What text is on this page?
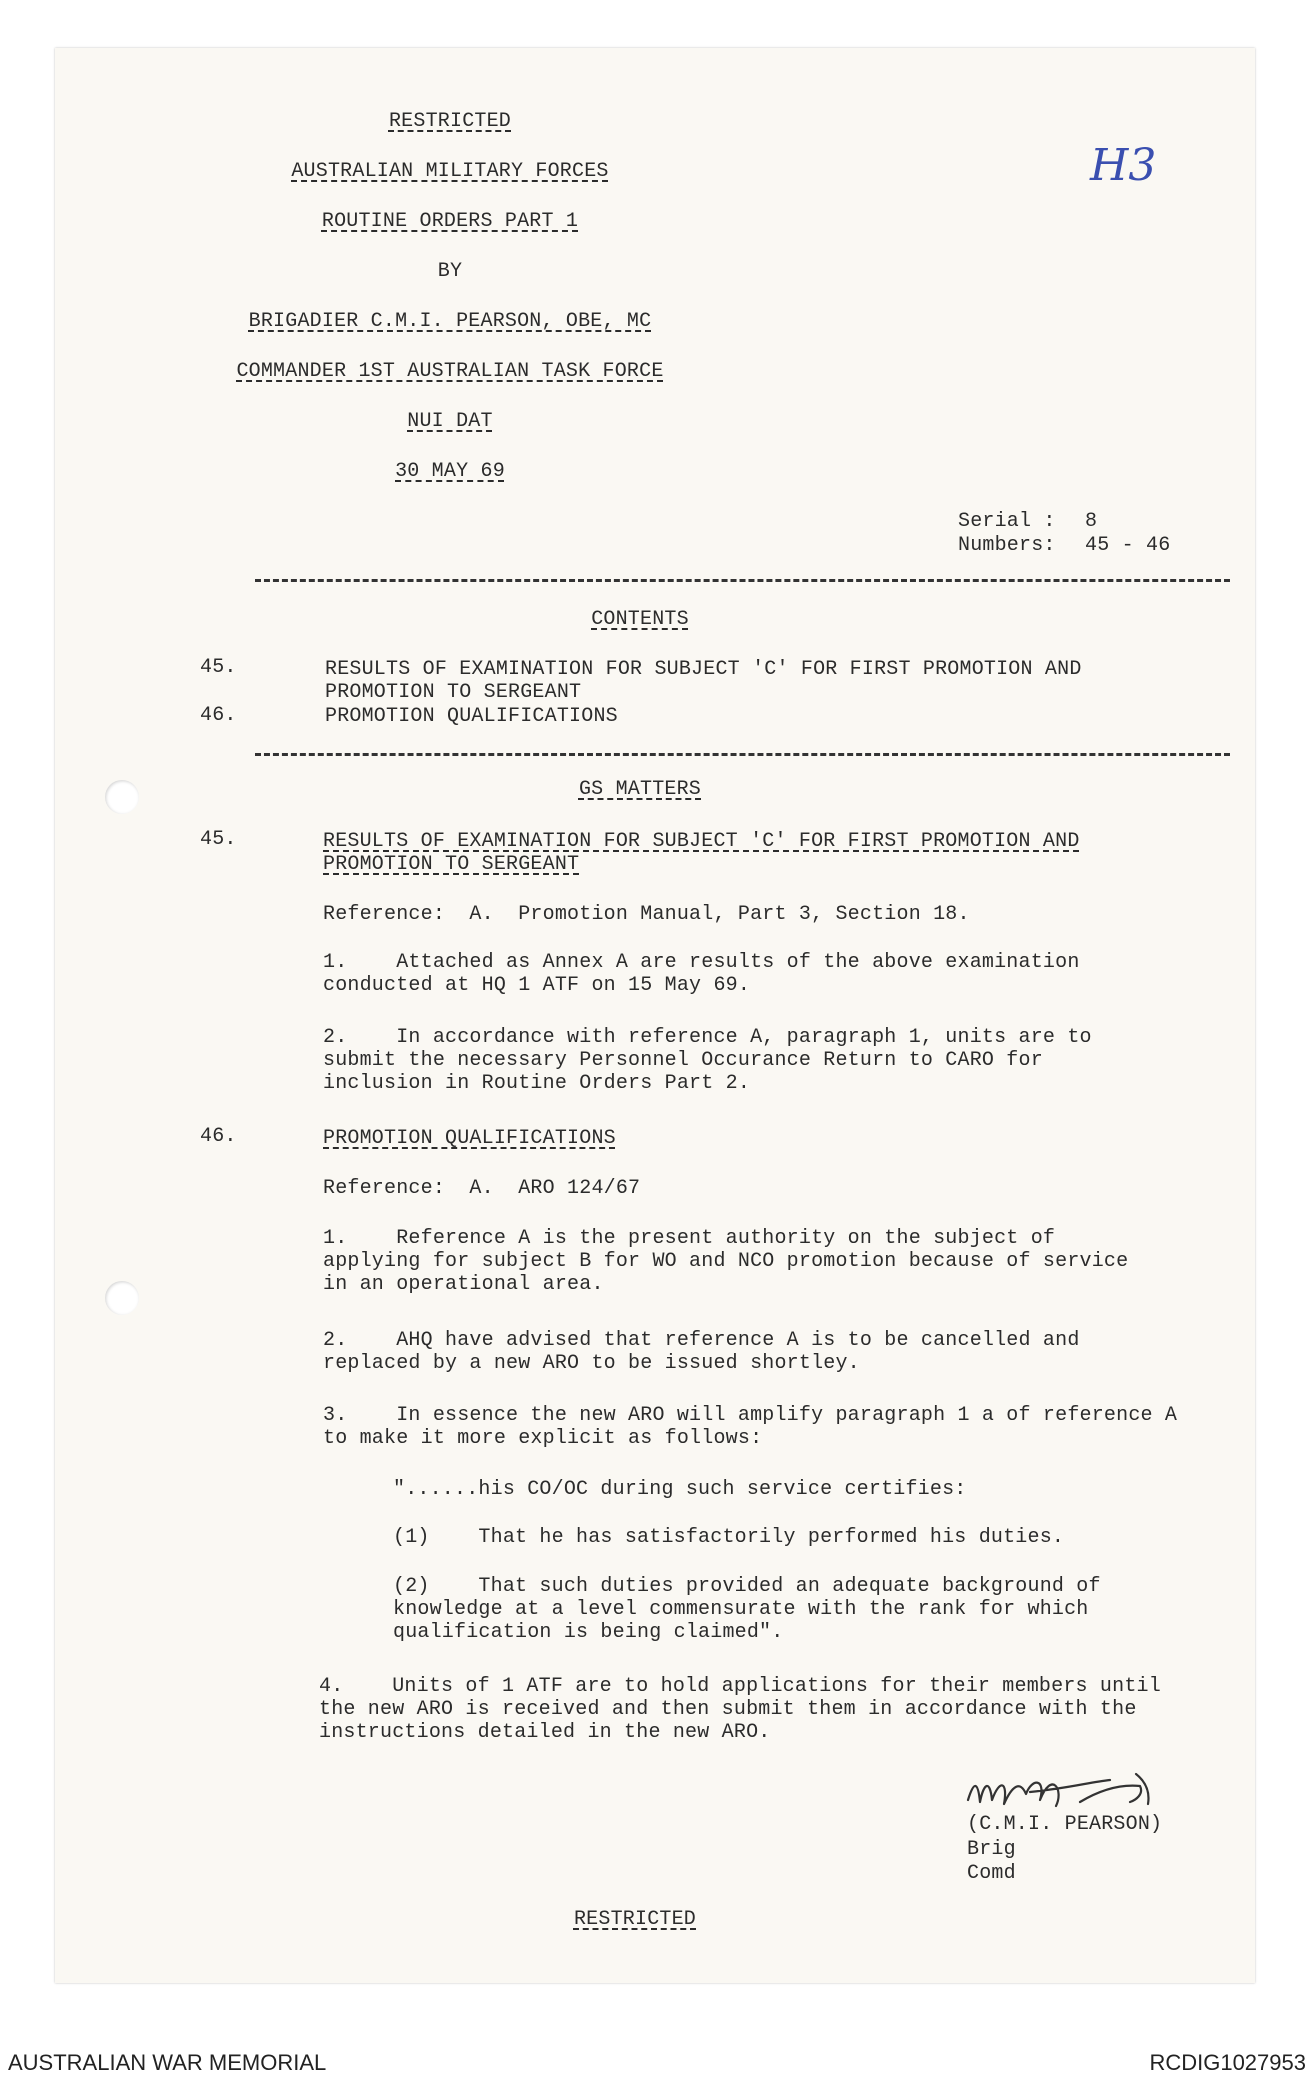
RESTRICTED
AUSTRALIAN MILITARY FORCES
ROUTINE ORDERS PART 1
BY
BRIGADIER C.M.I. PEARSON, OBE, MC
COMMANDER 1ST AUSTRALIAN TASK FORCE
NUI DAT
30 MAY 69
H3
Serial : 8
Numbers: 45 - 46
CONTENTS
45.	RESULTS OF EXAMINATION FOR SUBJECT 'C' FOR FIRST PROMOTION AND
PROMOTION TO SERGEANT
46.	PROMOTION QUALIFICATIONS
GS MATTERS
45.	RESULTS OF EXAMINATION FOR SUBJECT 'C' FOR FIRST PROMOTION AND
PROMOTION TO SERGEANT
Reference:  A.  Promotion Manual, Part 3, Section 18.
1.    Attached as Annex A are results of the above examination
conducted at HQ 1 ATF on 15 May 69.
2.    In accordance with reference A, paragraph 1, units are to
submit the necessary Personnel Occurance Return to CARO for
inclusion in Routine Orders Part 2.
46.	PROMOTION QUALIFICATIONS
Reference:  A.  ARO 124/67
1.    Reference A is the present authority on the subject of
applying for subject B for WO and NCO promotion because of service
in an operational area.
2.    AHQ have advised that reference A is to be cancelled and
replaced by a new ARO to be issued shortley.
3.    In essence the new ARO will amplify paragraph 1 a of reference A
to make it more explicit as follows:
"......his CO/OC during such service certifies:
(1)    That he has satisfactorily performed his duties.
(2)    That such duties provided an adequate background of
knowledge at a level commensurate with the rank for which
qualification is being claimed".
4.    Units of 1 ATF are to hold applications for their members until
the new ARO is received and then submit them in accordance with the
instructions detailed in the new ARO.
(C.M.I. PEARSON)
Brig
Comd
RESTRICTED
AUSTRALIAN WAR MEMORIAL	RCDIG1027953
